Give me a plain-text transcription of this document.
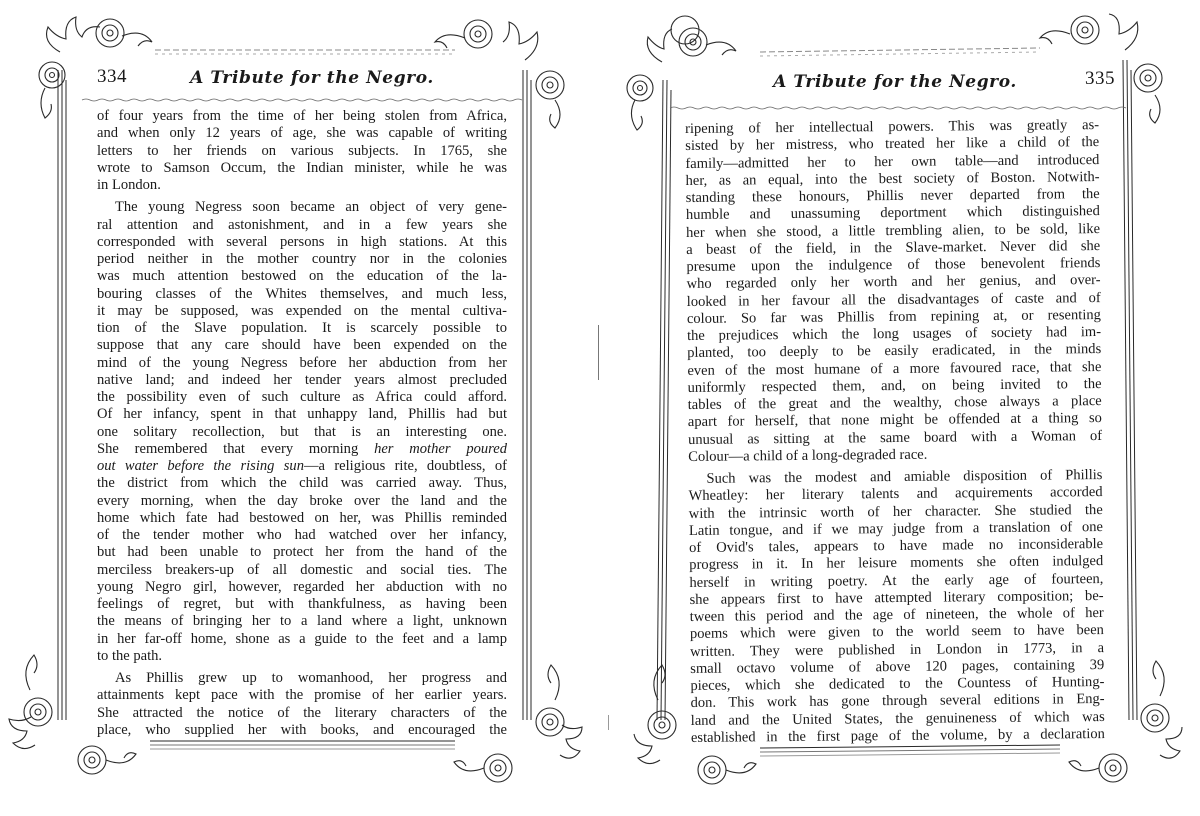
334	A Tribute for the Negro.
of four years from the time of her being stolen from Africa,
and when only 12 years of age, she was capable of writing
letters to her friends on various subjects. In 1765, she
wrote to Samson Occum, the Indian minister, while he was
in London.
The young Negress soon became an object of very gene-
ral attention and astonishment, and in a few years she
corresponded with several persons in high stations. At this
period neither in the mother country nor in the colonies
was much attention bestowed on the education of the la-
bouring classes of the Whites themselves, and much less,
it may be supposed, was expended on the mental cultiva-
tion of the Slave population. It is scarcely possible to
suppose that any care should have been expended on the
mind of the young Negress before her abduction from her
native land; and indeed her tender years almost precluded
the possibility even of such culture as Africa could afford.
Of her infancy, spent in that unhappy land, Phillis had but
one solitary recollection, but that is an interesting one.
She remembered that every morning her mother poured
out water before the rising sun—a religious rite, doubtless, of
the district from which the child was carried away. Thus,
every morning, when the day broke over the land and the
home which fate had bestowed on her, was Phillis reminded
of the tender mother who had watched over her infancy,
but had been unable to protect her from the hand of the
merciless breakers-up of all domestic and social ties. The
young Negro girl, however, regarded her abduction with no
feelings of regret, but with thankfulness, as having been
the means of bringing her to a land where a light, unknown
in her far-off home, shone as a guide to the feet and a lamp
to the path.
As Phillis grew up to womanhood, her progress and
attainments kept pace with the promise of her earlier years.
She attracted the notice of the literary characters of the
place, who supplied her with books, and encouraged the
A Tribute for the Negro.	335
ripening of her intellectual powers. This was greatly as-
sisted by her mistress, who treated her like a child of the
family—admitted her to her own table—and introduced
her, as an equal, into the best society of Boston. Notwith-
standing these honours, Phillis never departed from the
humble and unassuming deportment which distinguished
her when she stood, a little trembling alien, to be sold, like
a beast of the field, in the Slave-market. Never did she
presume upon the indulgence of those benevolent friends
who regarded only her worth and her genius, and over-
looked in her favour all the disadvantages of caste and of
colour. So far was Phillis from repining at, or resenting
the prejudices which the long usages of society had im-
planted, too deeply to be easily eradicated, in the minds
even of the most humane of a more favoured race, that she
uniformly respected them, and, on being invited to the
tables of the great and the wealthy, chose always a place
apart for herself, that none might be offended at a thing so
unusual as sitting at the same board with a Woman of
Colour—a child of a long-degraded race.
Such was the modest and amiable disposition of Phillis
Wheatley: her literary talents and acquirements accorded
with the intrinsic worth of her character. She studied the
Latin tongue, and if we may judge from a translation of one
of Ovid's tales, appears to have made no inconsiderable
progress in it. In her leisure moments she often indulged
herself in writing poetry. At the early age of fourteen,
she appears first to have attempted literary composition; be-
tween this period and the age of nineteen, the whole of her
poems which were given to the world seem to have been
written. They were published in London in 1773, in a
small octavo volume of above 120 pages, containing 39
pieces, which she dedicated to the Countess of Hunting-
don. This work has gone through several editions in Eng-
land and the United States, the genuineness of which was
established in the first page of the volume, by a declaration
